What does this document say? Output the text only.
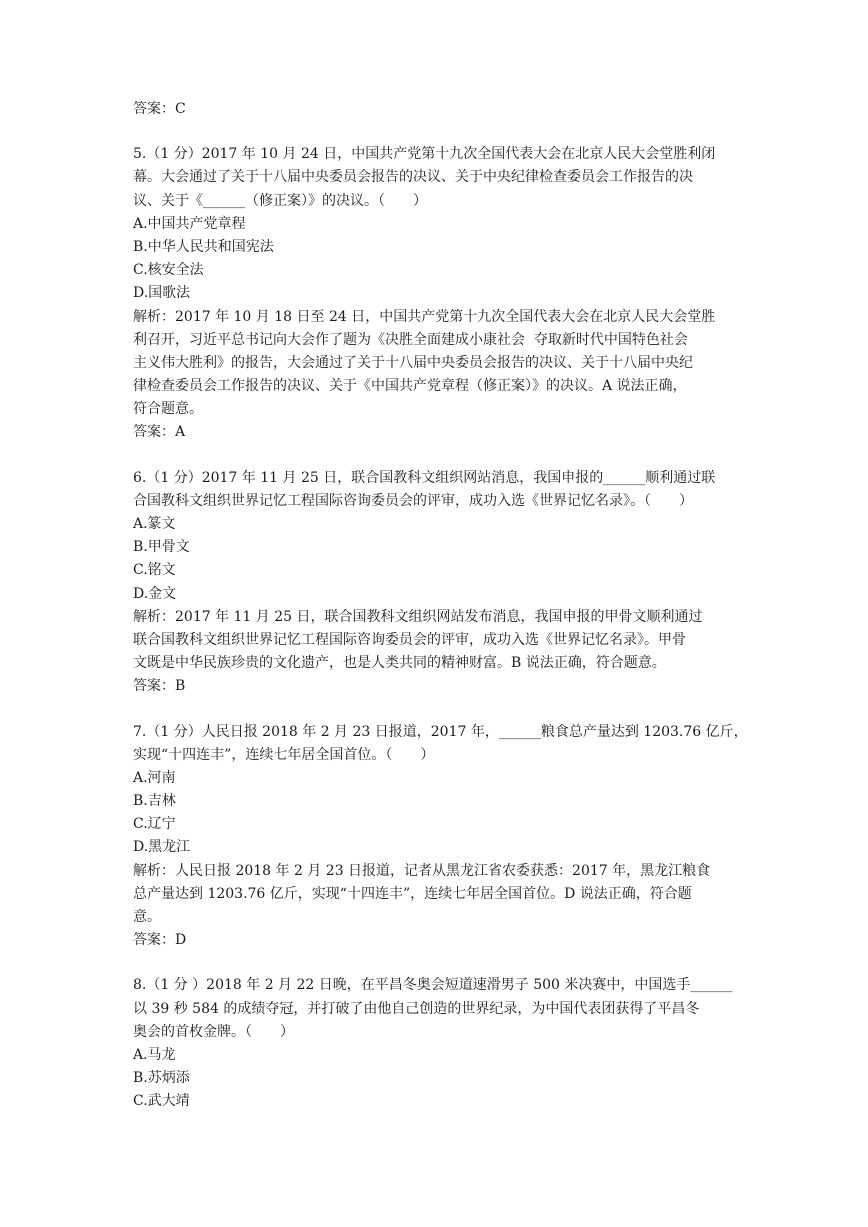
答案：C
5.（1 分）2017 年 10 月 24 日，中国共产党第十九次全国代表大会在北京人民大会堂胜利闭
幕。大会通过了关于十八届中央委员会报告的决议、关于中央纪律检查委员会工作报告的决
议、关于《______（修正案）》的决议。（　　）
A.中国共产党章程
B.中华人民共和国宪法
C.核安全法
D.国歌法
解析：2017 年 10 月 18 日至 24 日，中国共产党第十九次全国代表大会在北京人民大会堂胜
利召开，习近平总书记向大会作了题为《决胜全面建成小康社会  夺取新时代中国特色社会
主义伟大胜利》的报告，大会通过了关于十八届中央委员会报告的决议、关于十八届中央纪
律检查委员会工作报告的决议、关于《中国共产党章程（修正案）》的决议。A 说法正确，
符合题意。
答案：A
6.（1 分）2017 年 11 月 25 日，联合国教科文组织网站消息，我国申报的______顺利通过联
合国教科文组织世界记忆工程国际咨询委员会的评审，成功入选《世界记忆名录》。（　　）
A.篆文
B.甲骨文
C.铭文
D.金文
解析：2017 年 11 月 25 日，联合国教科文组织网站发布消息，我国申报的甲骨文顺利通过
联合国教科文组织世界记忆工程国际咨询委员会的评审，成功入选《世界记忆名录》。甲骨
文既是中华民族珍贵的文化遗产，也是人类共同的精神财富。B 说法正确，符合题意。
答案：B
7.（1 分）人民日报 2018 年 2 月 23 日报道，2017 年，______粮食总产量达到 1203.76 亿斤，
实现“十四连丰”，连续七年居全国首位。（　　）
A.河南
B.吉林
C.辽宁
D.黑龙江
解析：人民日报 2018 年 2 月 23 日报道，记者从黑龙江省农委获悉：2017 年，黑龙江粮食
总产量达到 1203.76 亿斤，实现“十四连丰”，连续七年居全国首位。D 说法正确，符合题
意。
答案：D
8.（1 分 ）2018 年 2 月 22 日晚，在平昌冬奥会短道速滑男子 500 米决赛中，中国选手______
以 39 秒 584 的成绩夺冠，并打破了由他自己创造的世界纪录，为中国代表团获得了平昌冬
奥会的首枚金牌。（　　）
A.马龙
B.苏炳添
C.武大靖
